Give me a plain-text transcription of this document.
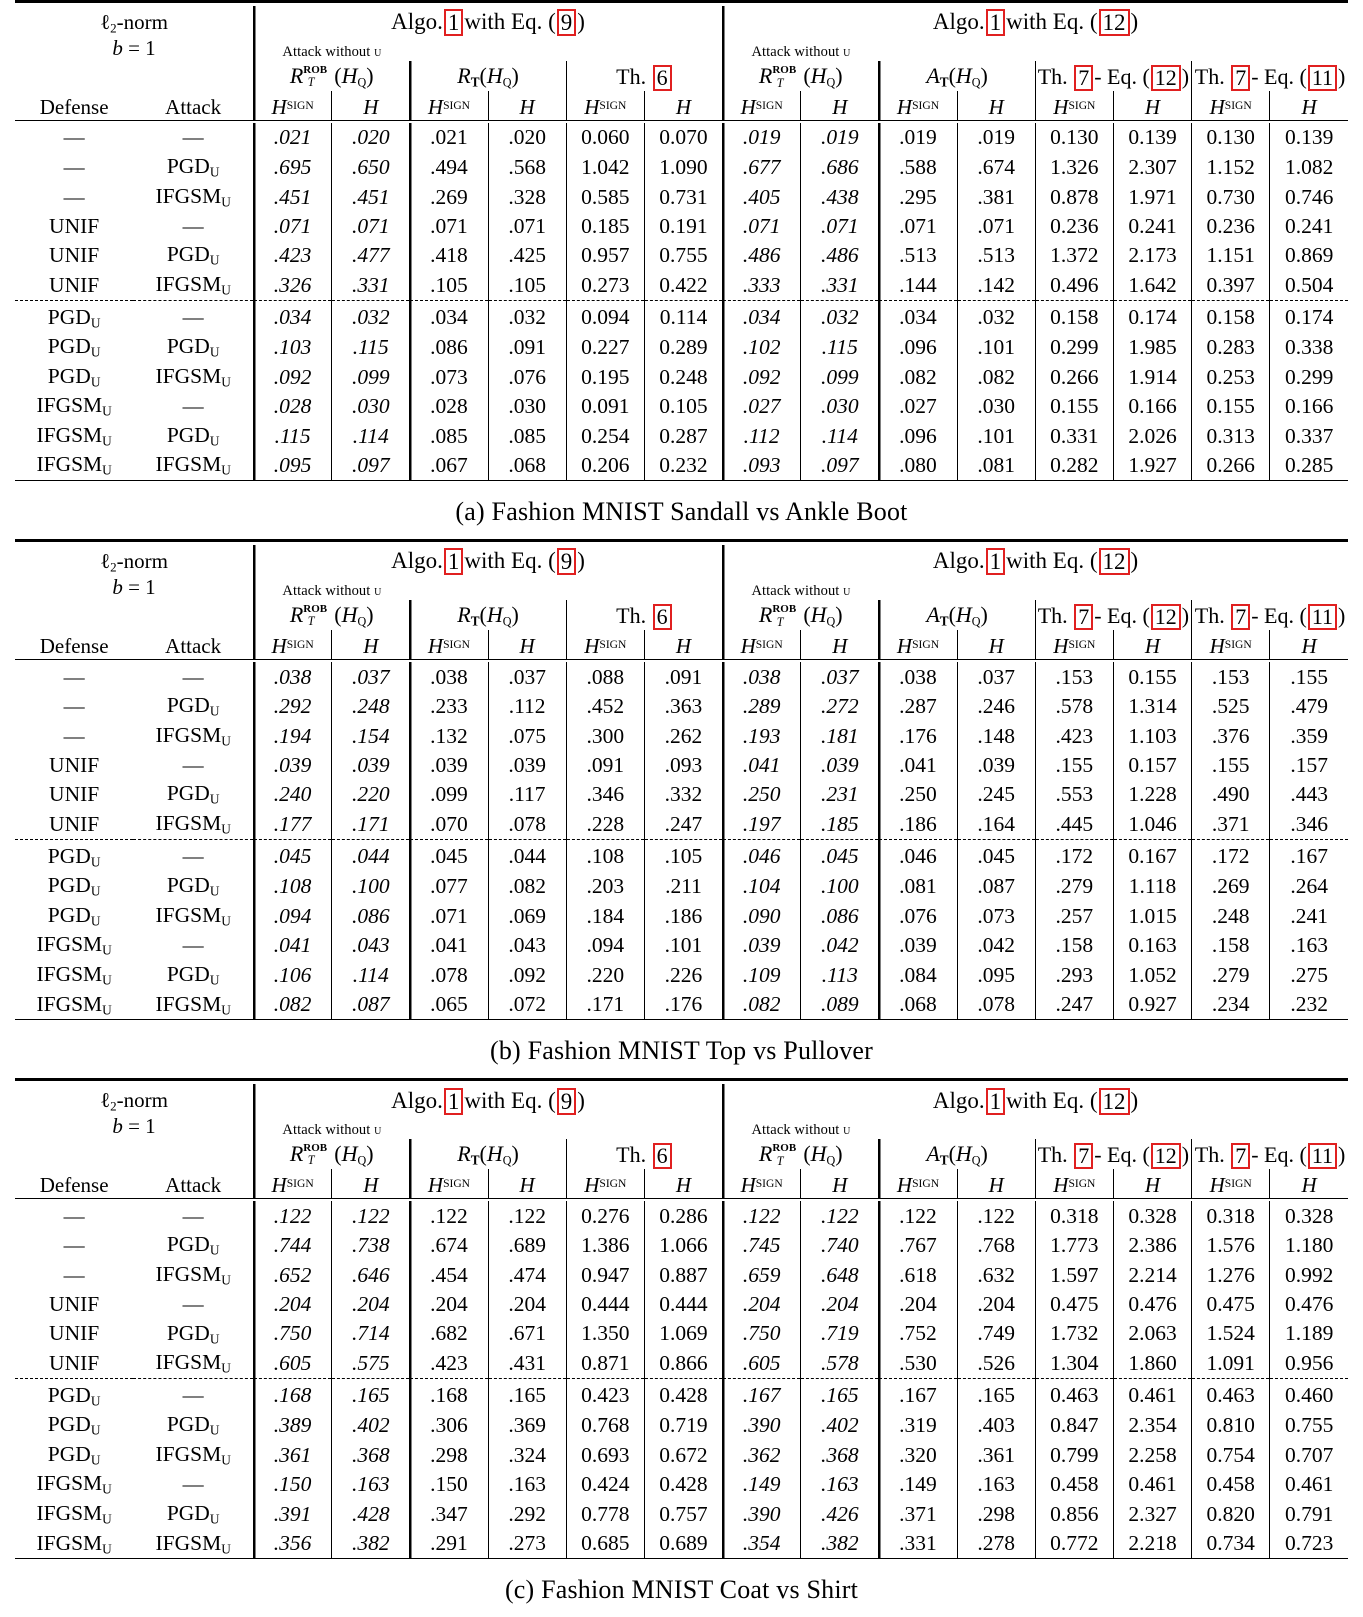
ℓ$_2$-norm		Algo. 1 with Eq. ( 9 )						Algo. 1 with Eq. ( 12 )							
b = 1		Attack without u						Attack without u							
		$R^{ROB}_T$ $(H_Q)$		$R_T(H_Q)$		Th. 6		$R^{ROB}_T$ $(H_Q)$		$A_T(H_Q)$		Th. 7 - Eq. ( 12 )		Th. 7 - Eq. ( 11 )	
Defense	Attack	$H^{SIGN}$	H	$H^{SIGN}$	H	$H^{SIGN}$	H	$H^{SIGN}$	H	$H^{SIGN}$	H	$H^{SIGN}$	H	$H^{SIGN}$	H

—	—	.021	.020	.021	.020	0.060	0.070	.019	.019	.019	.019	0.130	0.139	0.130	0.139
—	$PGD_U$	.695	.650	.494	.568	1.042	1.090	.677	.686	.588	.674	1.326	2.307	1.152	1.082
—	$IFGSM_U$	.451	.451	.269	.328	0.585	0.731	.405	.438	.295	.381	0.878	1.971	0.730	0.746
UNIF	—	.071	.071	.071	.071	0.185	0.191	.071	.071	.071	.071	0.236	0.241	0.236	0.241
UNIF	$PGD_U$	.423	.477	.418	.425	0.957	0.755	.486	.486	.513	.513	1.372	2.173	1.151	0.869
UNIF	$IFGSM_U$	.326	.331	.105	.105	0.273	0.422	.333	.331	.144	.142	0.496	1.642	0.397	0.504

$PGD_U$	—	.034	.032	.034	.032	0.094	0.114	.034	.032	.034	.032	0.158	0.174	0.158	0.174
$PGD_U$	$PGD_U$	.103	.115	.086	.091	0.227	0.289	.102	.115	.096	.101	0.299	1.985	0.283	0.338
$PGD_U$	$IFGSM_U$	.092	.099	.073	.076	0.195	0.248	.092	.099	.082	.082	0.266	1.914	0.253	0.299
$IFGSM_U$	—	.028	.030	.028	.030	0.091	0.105	.027	.030	.027	.030	0.155	0.166	0.155	0.166
$IFGSM_U$	$PGD_U$	.115	.114	.085	.085	0.254	0.287	.112	.114	.096	.101	0.331	2.026	0.313	0.337
$IFGSM_U$	$IFGSM_U$	.095	.097	.067	.068	0.206	0.232	.093	.097	.080	.081	0.282	1.927	0.266	0.285

(a) Fashion MNIST Sandall vs Ankle Boot

ℓ$_2$-norm		Algo. 1 with Eq. ( 9 )						Algo. 1 with Eq. ( 12 )							
b = 1		Attack without u						Attack without u							
		$R^{ROB}_T$ $(H_Q)$		$R_T(H_Q)$		Th. 6		$R^{ROB}_T$ $(H_Q)$		$A_T(H_Q)$		Th. 7 - Eq. ( 12 )		Th. 7 - Eq. ( 11 )	
Defense	Attack	$H^{SIGN}$	H	$H^{SIGN}$	H	$H^{SIGN}$	H	$H^{SIGN}$	H	$H^{SIGN}$	H	$H^{SIGN}$	H	$H^{SIGN}$	H

—	—	.038	.037	.038	.037	.088	.091	.038	.037	.038	.037	.153	0.155	.153	.155
—	$PGD_U$	.292	.248	.233	.112	.452	.363	.289	.272	.287	.246	.578	1.314	.525	.479
—	$IFGSM_U$	.194	.154	.132	.075	.300	.262	.193	.181	.176	.148	.423	1.103	.376	.359
UNIF	—	.039	.039	.039	.039	.091	.093	.041	.039	.041	.039	.155	0.157	.155	.157
UNIF	$PGD_U$	.240	.220	.099	.117	.346	.332	.250	.231	.250	.245	.553	1.228	.490	.443
UNIF	$IFGSM_U$	.177	.171	.070	.078	.228	.247	.197	.185	.186	.164	.445	1.046	.371	.346

$PGD_U$	—	.045	.044	.045	.044	.108	.105	.046	.045	.046	.045	.172	0.167	.172	.167
$PGD_U$	$PGD_U$	.108	.100	.077	.082	.203	.211	.104	.100	.081	.087	.279	1.118	.269	.264
$PGD_U$	$IFGSM_U$	.094	.086	.071	.069	.184	.186	.090	.086	.076	.073	.257	1.015	.248	.241
$IFGSM_U$	—	.041	.043	.041	.043	.094	.101	.039	.042	.039	.042	.158	0.163	.158	.163
$IFGSM_U$	$PGD_U$	.106	.114	.078	.092	.220	.226	.109	.113	.084	.095	.293	1.052	.279	.275
$IFGSM_U$	$IFGSM_U$	.082	.087	.065	.072	.171	.176	.082	.089	.068	.078	.247	0.927	.234	.232

(b) Fashion MNIST Top vs Pullover

ℓ$_2$-norm		Algo. 1 with Eq. ( 9 )						Algo. 1 with Eq. ( 12 )							
b = 1		Attack without u						Attack without u							
		$R^{ROB}_T$ $(H_Q)$		$R_T(H_Q)$		Th. 6		$R^{ROB}_T$ $(H_Q)$		$A_T(H_Q)$		Th. 7 - Eq. ( 12 )		Th. 7 - Eq. ( 11 )	
Defense	Attack	$H^{SIGN}$	H	$H^{SIGN}$	H	$H^{SIGN}$	H	$H^{SIGN}$	H	$H^{SIGN}$	H	$H^{SIGN}$	H	$H^{SIGN}$	H

—	—	.122	.122	.122	.122	0.276	0.286	.122	.122	.122	.122	0.318	0.328	0.318	0.328
—	$PGD_U$	.744	.738	.674	.689	1.386	1.066	.745	.740	.767	.768	1.773	2.386	1.576	1.180
—	$IFGSM_U$	.652	.646	.454	.474	0.947	0.887	.659	.648	.618	.632	1.597	2.214	1.276	0.992
UNIF	—	.204	.204	.204	.204	0.444	0.444	.204	.204	.204	.204	0.475	0.476	0.475	0.476
UNIF	$PGD_U$	.750	.714	.682	.671	1.350	1.069	.750	.719	.752	.749	1.732	2.063	1.524	1.189
UNIF	$IFGSM_U$	.605	.575	.423	.431	0.871	0.866	.605	.578	.530	.526	1.304	1.860	1.091	0.956

$PGD_U$	—	.168	.165	.168	.165	0.423	0.428	.167	.165	.167	.165	0.463	0.461	0.463	0.460
$PGD_U$	$PGD_U$	.389	.402	.306	.369	0.768	0.719	.390	.402	.319	.403	0.847	2.354	0.810	0.755
$PGD_U$	$IFGSM_U$	.361	.368	.298	.324	0.693	0.672	.362	.368	.320	.361	0.799	2.258	0.754	0.707
$IFGSM_U$	—	.150	.163	.150	.163	0.424	0.428	.149	.163	.149	.163	0.458	0.461	0.458	0.461
$IFGSM_U$	$PGD_U$	.391	.428	.347	.292	0.778	0.757	.390	.426	.371	.298	0.856	2.327	0.820	0.791
$IFGSM_U$	$IFGSM_U$	.356	.382	.291	.273	0.685	0.689	.354	.382	.331	.278	0.772	2.218	0.734	0.723

(c) Fashion MNIST Coat vs Shirt
